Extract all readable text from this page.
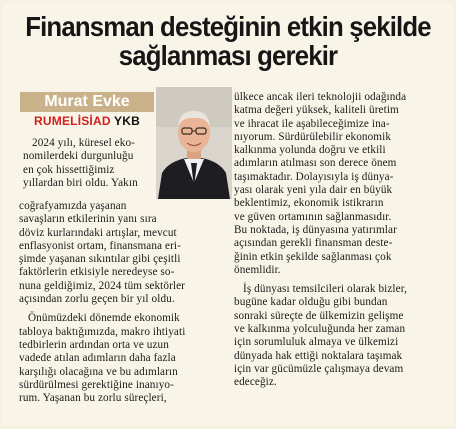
Finansman desteğinin etkin şekilde
sağlanması gerekir
Murat Evke
RUMELİSİAD YKB
2024 yılı, küresel eko-
nomilerdeki durgunluğu
en çok hissettiğimiz
yıllardan biri oldu. Yakın
coğrafyamızda yaşanan
savaşların etkilerinin yanı sıra
döviz kurlarındaki artışlar, mevcut
enflasyonist ortam, finansmana eri-
şimde yaşanan sıkıntılar gibi çeşitli
faktörlerin etkisiyle neredeyse so-
nuna geldiğimiz, 2024 tüm sektörler
açısından zorlu geçen bir yıl oldu.
Önümüzdeki dönemde ekonomik
tabloya baktığımızda, makro ihtiyati
tedbirlerin ardından orta ve uzun
vadede atılan adımların daha fazla
karşılığı olacağına ve bu adımların
sürdürülmesi gerektiğine inanıyo-
rum. Yaşanan bu zorlu süreçleri,
ülkece ancak ileri teknolojii odağında
katma değeri yüksek, kaliteli üretim
ve ihracat ile aşabileceğimize ina-
nıyorum. Sürdürülebilir ekonomik
kalkınma yolunda doğru ve etkili
adımların atılması son derece önem
taşımaktadır. Dolayısıyla iş dünya-
yası olarak yeni yıla dair en büyük
beklentimiz, ekonomik istikrarın
ve güven ortamının sağlanmasıdır.
Bu noktada, iş dünyasına yatırımlar
açısından gerekli finansman deste-
ğinin etkin şekilde sağlanması çok
önemlidir.
İş dünyası temsilcileri olarak bizler,
bugüne kadar olduğu gibi bundan
sonraki süreçte de ülkemizin gelişme
ve kalkınma yolculuğunda her zaman
için sorumluluk almaya ve ülkemizi
dünyada hak ettiği noktalara taşımak
için var gücümüzle çalışmaya devam
edeceğiz.
